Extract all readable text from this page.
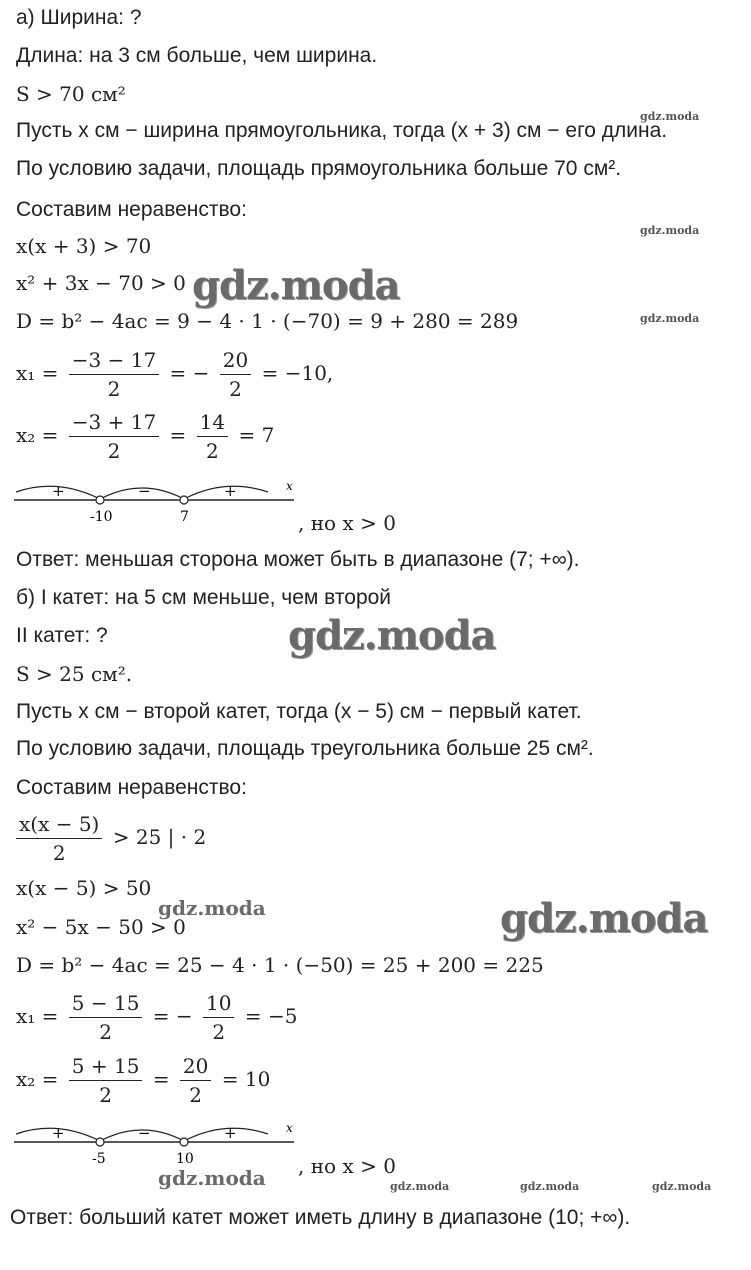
а) Ширина: ?
Длина: на 3 см больше, чем ширина.
S > 70 см²
Пусть x см − ширина прямоугольника, тогда (x + 3) см − его длина.
По условию задачи, площадь прямоугольника больше 70 см².
Составим неравенство:
x(x + 3) > 70
x² + 3x − 70 > 0
D = b² − 4ac = 9 − 4 · 1 · (−70) = 9 + 280 = 289
$x_1 = \frac{-3 - 17}{2}$ = − $\frac{20}{2} = -10$,
$x_2 = \frac{-3 + 17}{2} = \frac{14}{2} = 7$
+	−	+	x
-10	7	, но x > 0
Ответ: меньшая сторона может быть в диапазоне (7; +∞).
б) I катет: на 5 см меньше, чем второй
II катет: ?
S > 25 см².
Пусть x см − второй катет, тогда (x − 5) см − первый катет.
По условию задачи, площадь треугольника больше 25 см².
Составим неравенство:
$\frac{x(x - 5)}{2} > 25$ | · 2
x(x − 5) > 50
x² − 5x − 50 > 0
D = b² − 4ac = 25 − 4 · 1 · (−50) = 25 + 200 = 225
$x_1 = \frac{5 - 15}{2}$ = − $\frac{10}{2} = -5$
$x_2 = \frac{5 + 15}{2} = \frac{20}{2} = 10$
+	−	+	x
-5	10	, но x > 0
Ответ: больший катет может иметь длину в диапазоне (10; +∞).
gdz.moda
gdz.moda
gdz.moda
gdz.moda
gdz.moda
gdz.moda	gdz.moda
gdz.moda	gdz.moda	gdz.moda	gdz.moda
